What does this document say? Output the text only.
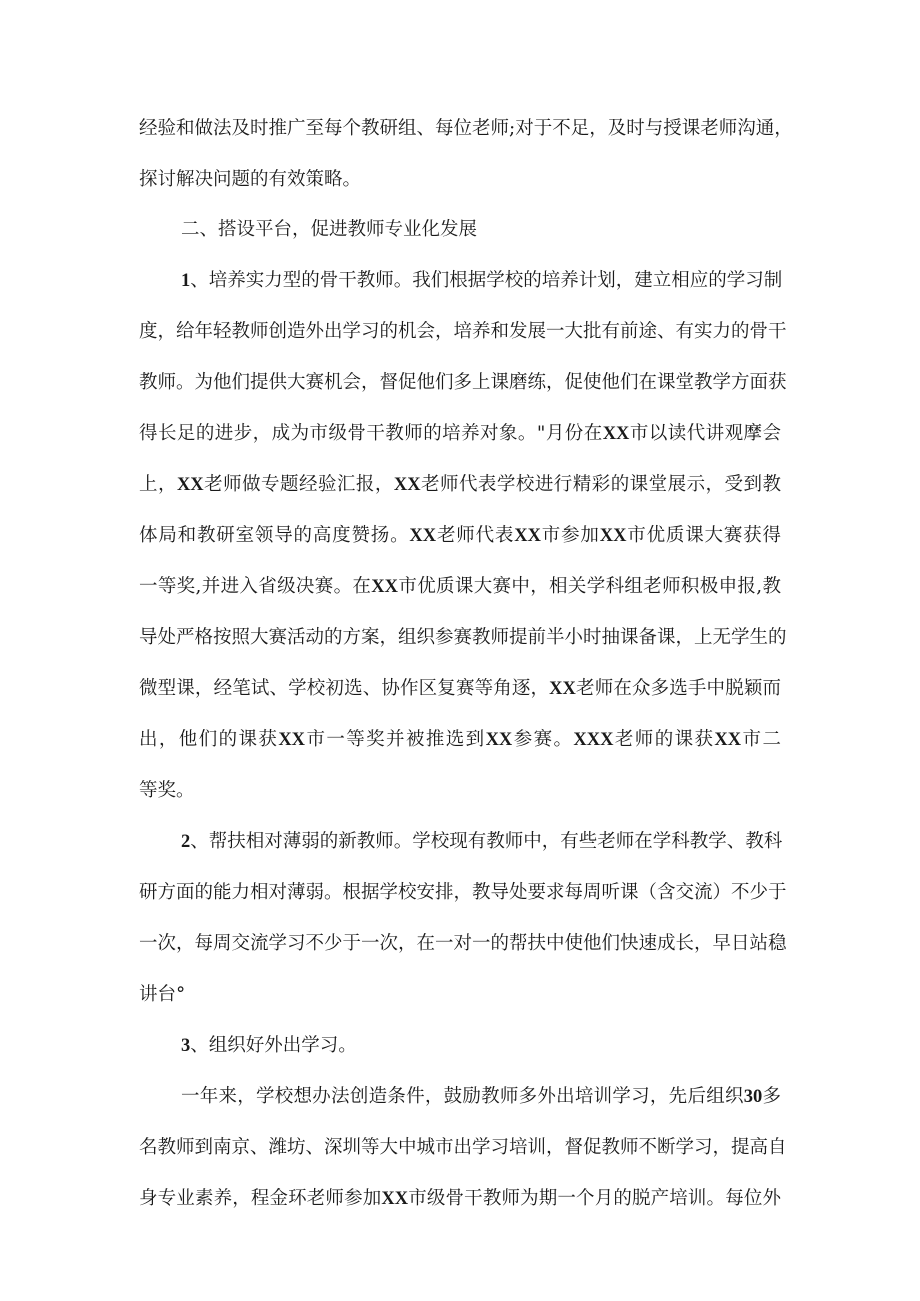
经验和做法及时推广至每个教研组、每位老师;对于不足，及时与授课老师沟通，
探讨解决问题的有效策略。
二、搭设平台，促进教师专业化发展
1、培养实力型的骨干教师。我们根据学校的培养计划，建立相应的学习制
度，给年轻教师创造外出学习的机会，培养和发展一大批有前途、有实力的骨干
教师。为他们提供大赛机会，督促他们多上课磨练，促使他们在课堂教学方面获
得长足的进步，成为市级骨干教师的培养对象。"月份在XX市以读代讲观摩会
上，XX老师做专题经验汇报，XX老师代表学校进行精彩的课堂展示，受到教
体局和教研室领导的高度赞扬。XX老师代表XX市参加XX市优质课大赛获得
一等奖,并进入省级决赛。在XX市优质课大赛中，相关学科组老师积极申报,教
导处严格按照大赛活动的方案，组织参赛教师提前半小时抽课备课，上无学生的
微型课，经笔试、学校初选、协作区复赛等角逐，XX老师在众多选手中脱颖而
出，他们的课获XX市一等奖并被推选到XX参赛。XXX老师的课获XX市二
等奖。
2、帮扶相对薄弱的新教师。学校现有教师中，有些老师在学科教学、教科
研方面的能力相对薄弱。根据学校安排，教导处要求每周听课（含交流）不少于
一次，每周交流学习不少于一次，在一对一的帮扶中使他们快速成长，早日站稳
讲台°
3、组织好外出学习。
一年来，学校想办法创造条件，鼓励教师多外出培训学习，先后组织30多
名教师到南京、潍坊、深圳等大中城市出学习培训，督促教师不断学习，提高自
身专业素养，程金环老师参加XX市级骨干教师为期一个月的脱产培训。每位外
